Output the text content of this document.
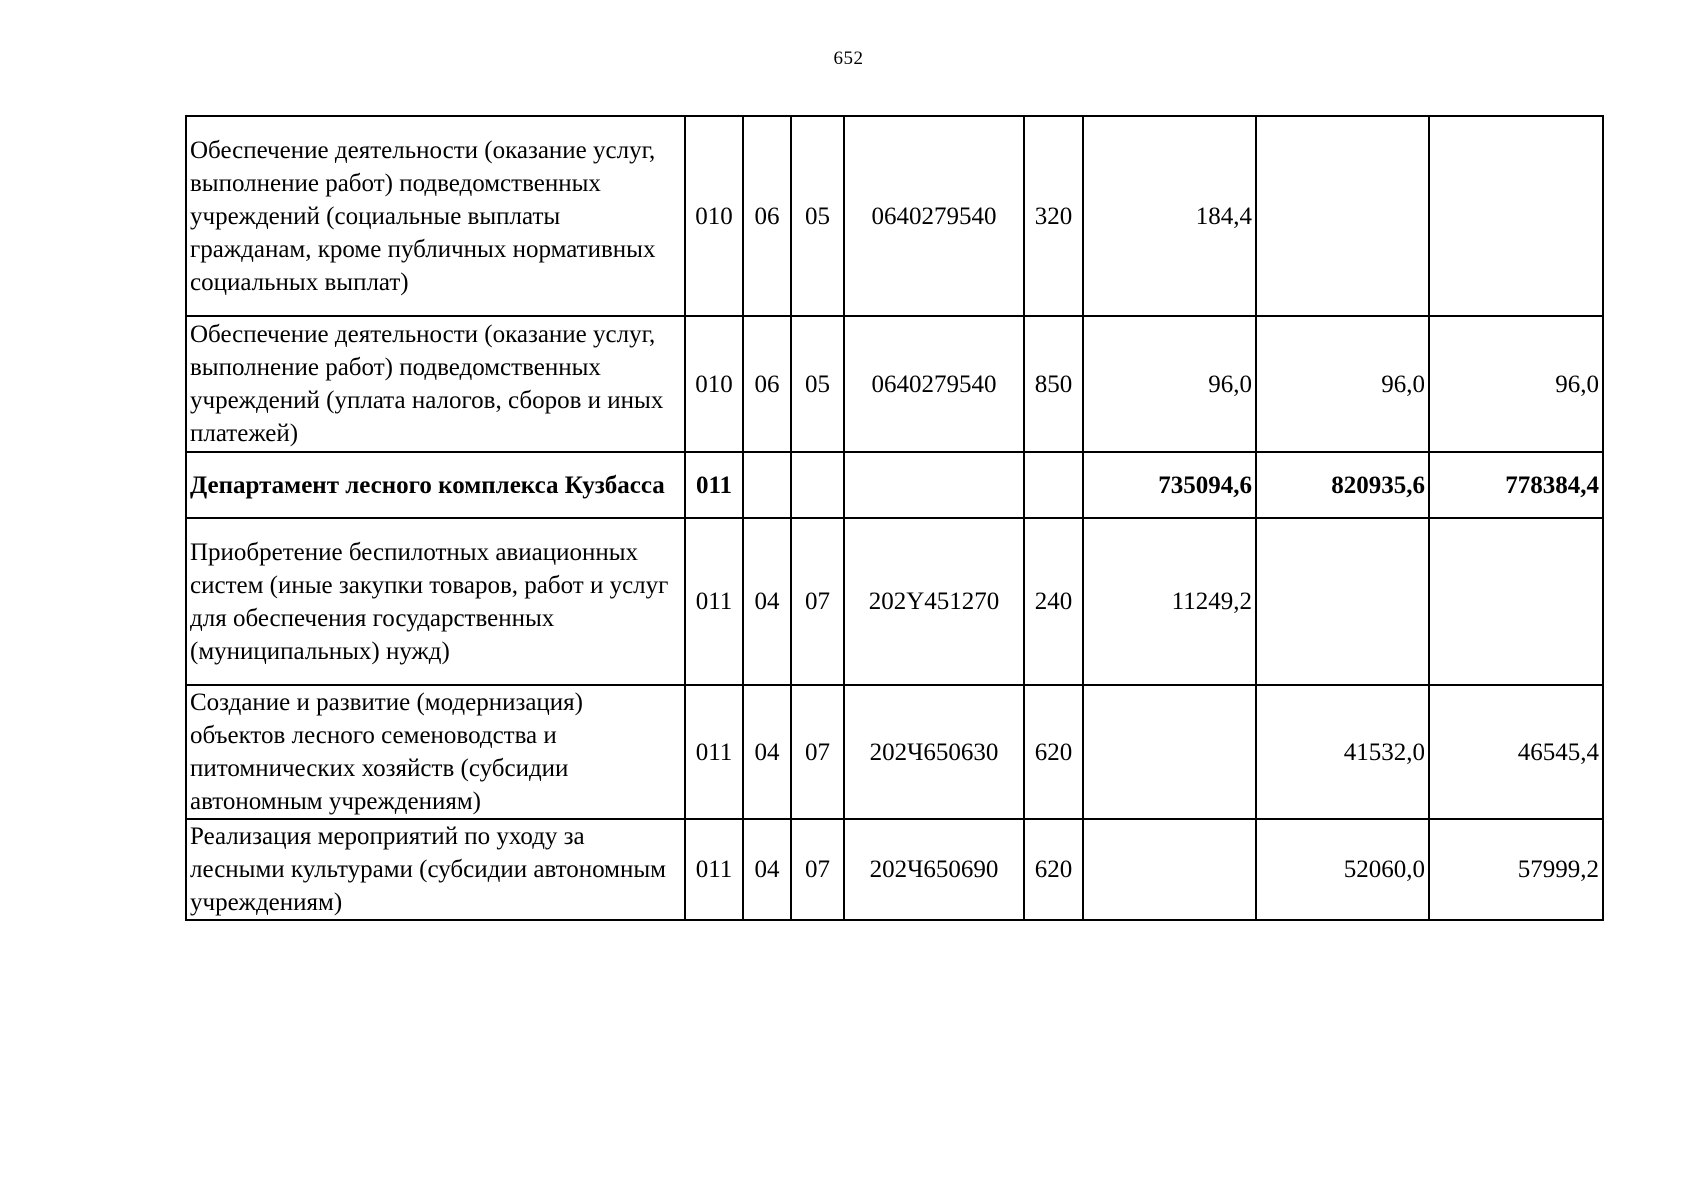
652
Обеспечение деятельности (оказание услуг, выполнение работ) подведомственных учреждений (социальные выплаты гражданам, кроме публичных нормативных социальных выплат)	010	06	05	0640279540	320	184,4		
Обеспечение деятельности (оказание услуг, выполнение работ) подведомственных учреждений (уплата налогов, сборов и иных платежей)	010	06	05	0640279540	850	96,0	96,0	96,0
Департамент лесного комплекса Кузбасса	011					735094,6	820935,6	778384,4
Приобретение беспилотных авиационных систем (иные закупки товаров, работ и услуг для обеспечения государственных (муниципальных) нужд)	011	04	07	202Y451270	240	11249,2		
Создание и развитие (модернизация) объектов лесного семеноводства и питомнических хозяйств (субсидии автономным учреждениям)	011	04	07	202Ч650630	620		41532,0	46545,4
Реализация мероприятий по уходу за лесными культурами (субсидии автономным учреждениям)	011	04	07	202Ч650690	620		52060,0	57999,2
